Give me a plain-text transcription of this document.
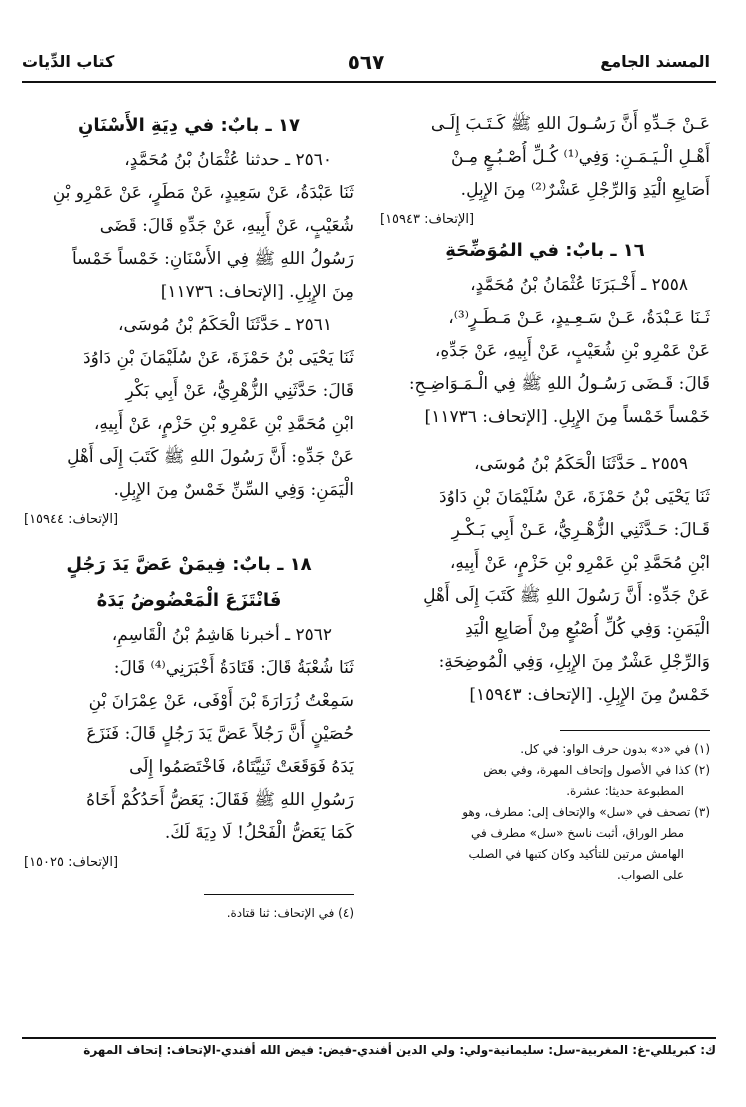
المسند الجامع
٥٦٧
كتاب الدِّيات
عَـنْ جَـدِّهِ أَنَّ رَسُـولَ اللهِ ﷺ كَـتَـبَ إِلَـى
أَهْـلِ الْـيَـمَـنِ: وَفِي⁽¹⁾ كُـلِّ أُصْـبُـعٍ مِـنْ
أَصَابِعِ الْيَدِ وَالرِّجْلِ عَشْرٌ⁽²⁾ مِنَ الإِبِلِ.
[الإتحاف: ١٥٩٤٣]
١٦ ـ بابٌ: في المُوَضِّحَةِ
٢٥٥٨ ـ أَخْـبَرَنَا عُثْمَانُ بْنُ مُحَمَّدٍ،
ثَـنَا عَـبْدَةُ، عَـنْ سَـعِـيدٍ، عَـنْ مَـطَـرٍ⁽³⁾،
عَنْ عَمْرِو بْنِ شُعَيْبٍ، عَنْ أَبِيهِ، عَنْ جَدِّهِ،
قَالَ: قَـضَى رَسُـولُ اللهِ ﷺ فِي الْـمَـوَاضِـحِ:
خَمْساً خَمْساً مِنَ الإِبِلِ. [الإتحاف: ١١٧٣٦]
٢٥٥٩ ـ حَدَّثَنَا الْحَكَمُ بْنُ مُوسَى،
ثَنَا يَحْيَى بْنُ حَمْزَةَ، عَنْ سُلَيْمَانَ بْنِ دَاوُدَ
قَـالَ: حَـدَّثَنِي الزُّهْـرِيُّ، عَـنْ أَبِي بَـكْـرِ
ابْنِ مُحَمَّدِ بْنِ عَمْرِو بْنِ حَزْمٍ، عَنْ أَبِيهِ،
عَنْ جَدِّهِ: أَنَّ رَسُولَ اللهِ ﷺ كَتَبَ إِلَى أَهْلِ
الْيَمَنِ: وَفِي كُلِّ أُصْبُعٍ مِنْ أَصَابِعِ الْيَدِ
وَالرِّجْلِ عَشْرٌ مِنَ الإِبِلِ، وَفِي الْمُوضِحَةِ:
خَمْسٌ مِنَ الإِبِلِ. [الإتحاف: ١٥٩٤٣]
(١) في «د» بدون حرف الواو: في كل.
(٢) كذا في الأصول وإتحاف المهرة، وفي بعض
المطبوعة حديثا: عشرة.
(٣) تصحف في «سل» والإتحاف إلى: مطرف، وهو
مطر الوراق، أثبت ناسخ «سل» مطرف في
الهامش مرتين للتأكيد وكان كتبها في الصلب
على الصواب.
١٧ ـ بابٌ: في دِيَةِ الأَسْنَانِ
٢٥٦٠ ـ حدثنا عُثْمَانُ بْنُ مُحَمَّدٍ،
ثَنَا عَبْدَةُ، عَنْ سَعِيدٍ، عَنْ مَطَرٍ، عَنْ عَمْرِو بْنِ
شُعَيْبٍ، عَنْ أَبِيهِ، عَنْ جَدِّهِ قَالَ: قَضَى
رَسُولُ اللهِ ﷺ فِي الأَسْنَانِ: خَمْساً خَمْساً
مِنَ الإِبِلِ. [الإتحاف: ١١٧٣٦]
٢٥٦١ ـ حَدَّثَنَا الْحَكَمُ بْنُ مُوسَى،
ثَنَا يَحْيَى بْنُ حَمْزَةَ، عَنْ سُلَيْمَانَ بْنِ دَاوُدَ
قَالَ: حَدَّثَنِي الزُّهْرِيُّ، عَنْ أَبِي بَكْرِ
ابْنِ مُحَمَّدِ بْنِ عَمْرِو بْنِ حَزْمٍ، عَنْ أَبِيهِ،
عَنْ جَدِّهِ: أَنَّ رَسُولَ اللهِ ﷺ كَتَبَ إِلَى أَهْلِ
الْيَمَنِ: وَفِي السِّنِّ خَمْسٌ مِنَ الإِبِلِ.
[الإتحاف: ١٥٩٤٤]
١٨ ـ بابٌ: فِيمَنْ عَضَّ يَدَ رَجُلٍ
فَانْتَزَعَ الْمَعْضُوضُ يَدَهُ
٢٥٦٢ ـ أخبرنا هَاشِمُ بْنُ الْقَاسِمِ،
ثَنَا شُعْبَةُ قَالَ: قَتَادَةُ أَخْبَرَنِي⁽⁴⁾ قَالَ:
سَمِعْتُ زُرَارَةَ بْنَ أَوْفَى، عَنْ عِمْرَانَ بْنِ
حُصَيْنٍ أَنَّ رَجُلاً عَضَّ يَدَ رَجُلٍ قَالَ: فَنَزَعَ
يَدَهُ فَوَقَعَتْ ثَنِيَّتَاهُ، فَاخْتَصَمُوا إِلَى
رَسُولِ اللهِ ﷺ فَقَالَ: يَعَضُّ أَحَدُكُمْ أَخَاهُ
كَمَا يَعَضُّ الْفَحْلُ! لَا دِيَةَ لَكَ.
[الإتحاف: ١٥٠٢٥]
(٤) في الإتحاف: ثنا قتادة.
ك: كبريللي-غ: المغربية-سل: سليمانية-ولي: ولي الدين أفندي-فيض: فيض الله أفندي-الإتحاف: إتحاف المهرة
